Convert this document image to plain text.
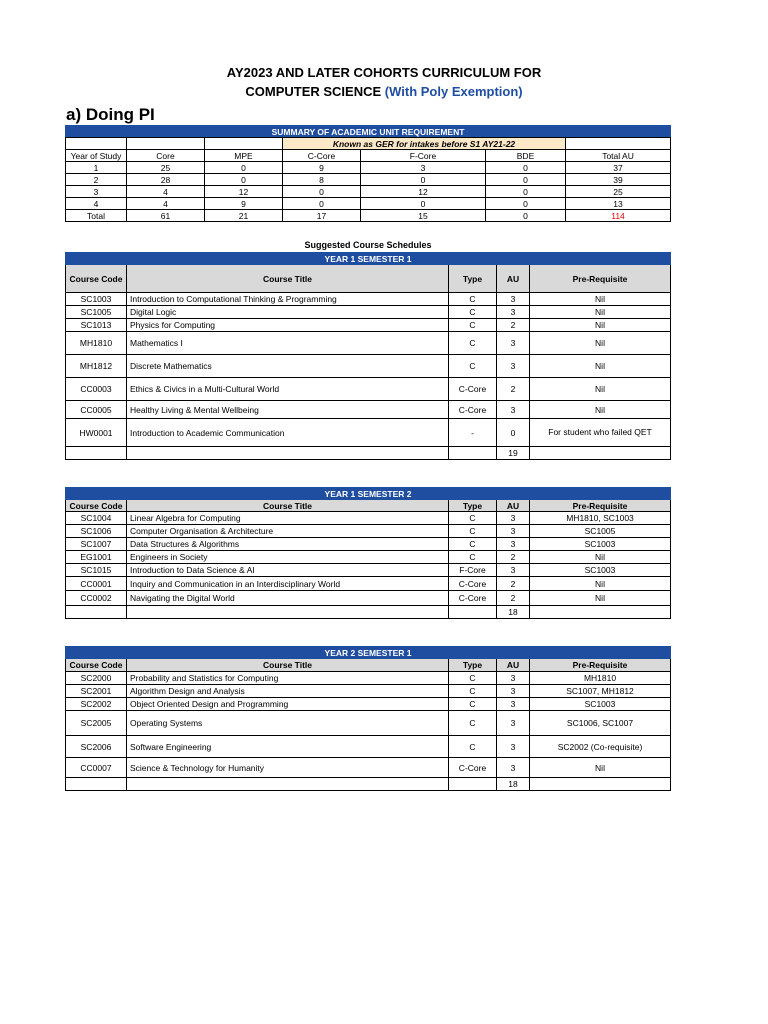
AY2023 AND LATER COHORTS CURRICULUM FOR
COMPUTER SCIENCE (With Poly Exemption)
a) Doing PI
SUMMARY OF ACADEMIC UNIT REQUIREMENT
			Known as GER for intakes before S1 AY21-22			
Year of Study	Core	MPE	C-Core	F-Core	BDE	Total AU
1	25	0	9	3	0	37
2	28	0	8	0	0	39
3	4	12	0	12	0	25
4	4	9	0	0	0	13
Total	61	21	17	15	0	114
Suggested Course Schedules
YEAR 1 SEMESTER 1				
Course Code	Course Title	Type	AU	Pre-Requisite
SC1003	Introduction to Computational Thinking & Programming	C	3	Nil
SC1005	Digital Logic	C	3	Nil
SC1013	Physics for Computing	C	2	Nil
MH1810	Mathematics I	C	3	Nil
MH1812	Discrete Mathematics	C	3	Nil
CC0003	Ethics & Civics in a Multi-Cultural World	C-Core	2	Nil
CC0005	Healthy Living & Mental Wellbeing	C-Core	3	Nil
HW0001	Introduction to Academic Communication	-	0	For student who failed QET
			19	
YEAR 1 SEMESTER 2				
Course Code	Course Title	Type	AU	Pre-Requisite
SC1004	Linear Algebra for Computing	C	3	MH1810, SC1003
SC1006	Computer Organisation & Architecture	C	3	SC1005
SC1007	Data Structures & Algorithms	C	3	SC1003
EG1001	Engineers in Society	C	2	Nil
SC1015	Introduction to Data Science & AI	F-Core	3	SC1003
CC0001	Inquiry and Communication in an Interdisciplinary World	C-Core	2	Nil
CC0002	Navigating the Digital World	C-Core	2	Nil
			18	
YEAR 2 SEMESTER 1				
Course Code	Course Title	Type	AU	Pre-Requisite
SC2000	Probability and Statistics for Computing	C	3	MH1810
SC2001	Algorithm Design and Analysis	C	3	SC1007, MH1812
SC2002	Object Oriented Design and Programming	C	3	SC1003
SC2005	Operating Systems	C	3	SC1006, SC1007
SC2006	Software Engineering	C	3	SC2002 (Co-requisite)
CC0007	Science & Technology for Humanity	C-Core	3	Nil
			18	
